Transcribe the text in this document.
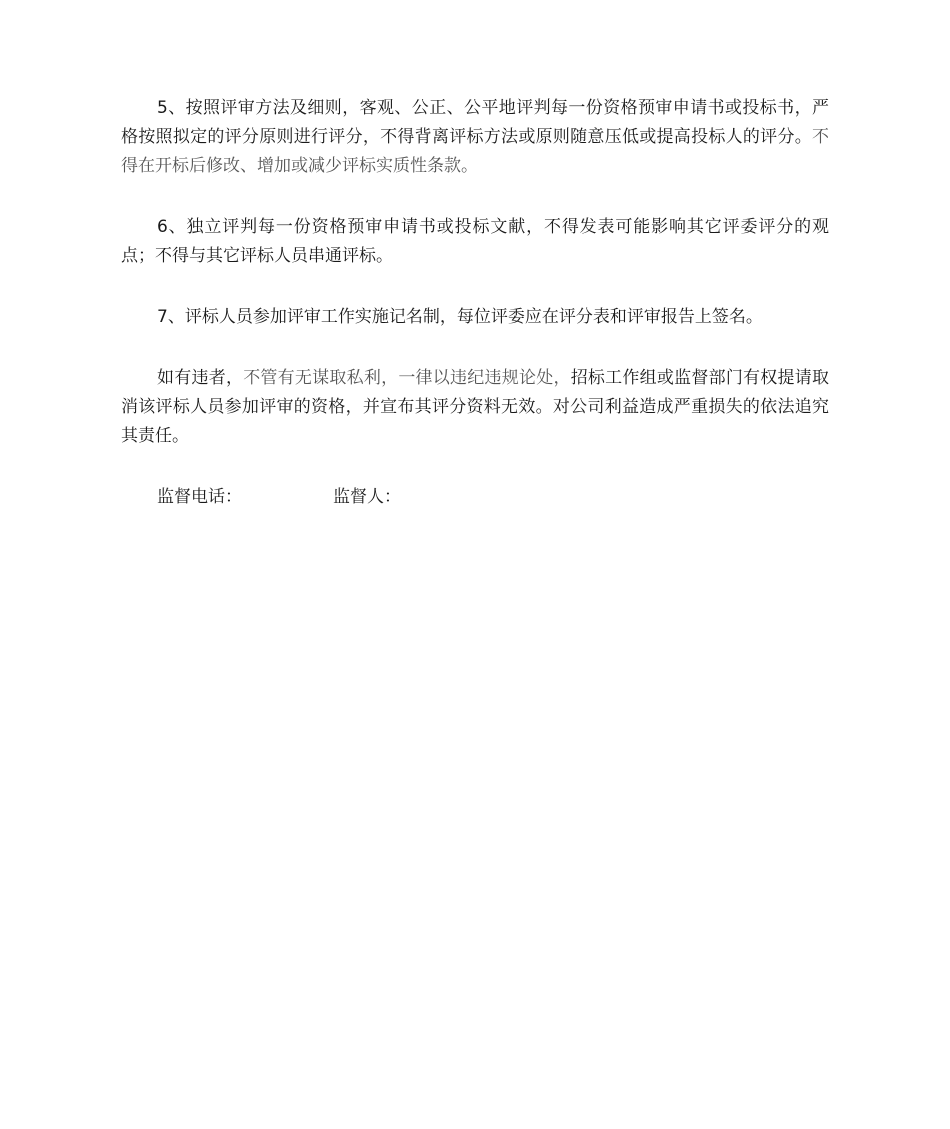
5、按照评审方法及细则，客观、公正、公平地评判每一份资格预审申请书或投标书，严格按照拟定的评分原则进行评分，不得背离评标方法或原则随意压低或提高投标人的评分。不得在开标后修改、增加或减少评标实质性条款。

6、独立评判每一份资格预审申请书或投标文献，不得发表可能影响其它评委评分的观点；不得与其它评标人员串通评标。

7、评标人员参加评审工作实施记名制，每位评委应在评分表和评审报告上签名。

如有违者，不管有无谋取私利，一律以违纪违规论处，招标工作组或监督部门有权提请取消该评标人员参加评审的资格，并宣布其评分资料无效。对公司利益造成严重损失的依法追究其责任。

监督电话：	监督人：
